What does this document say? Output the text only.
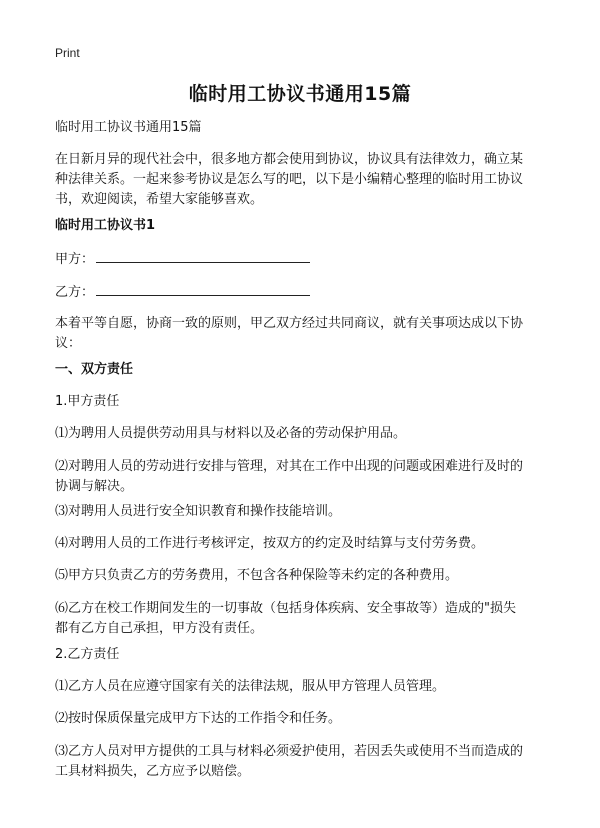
Print
临时用工协议书通用15篇
临时用工协议书通用15篇
在日新月异的现代社会中，很多地方都会使用到协议，协议具有法律效力，确立某
种法律关系。一起来参考协议是怎么写的吧，以下是小编精心整理的临时用工协议
书，欢迎阅读，希望大家能够喜欢。
临时用工协议书1
甲方：
乙方：
本着平等自愿，协商一致的原则，甲乙双方经过共同商议，就有关事项达成以下协
议：
一、双方责任
1.甲方责任
⑴为聘用人员提供劳动用具与材料以及必备的劳动保护用品。
⑵对聘用人员的劳动进行安排与管理，对其在工作中出现的问题或困难进行及时的
协调与解决。
⑶对聘用人员进行安全知识教育和操作技能培训。
⑷对聘用人员的工作进行考核评定，按双方的约定及时结算与支付劳务费。
⑸甲方只负责乙方的劳务费用，不包含各种保险等未约定的各种费用。
⑹乙方在校工作期间发生的一切事故（包括身体疾病、安全事故等）造成的"损失
都有乙方自己承担，甲方没有责任。
2.乙方责任
⑴乙方人员在应遵守国家有关的法律法规，服从甲方管理人员管理。
⑵按时保质保量完成甲方下达的工作指令和任务。
⑶乙方人员对甲方提供的工具与材料必须爱护使用，若因丢失或使用不当而造成的
工具材料损失，乙方应予以赔偿。
